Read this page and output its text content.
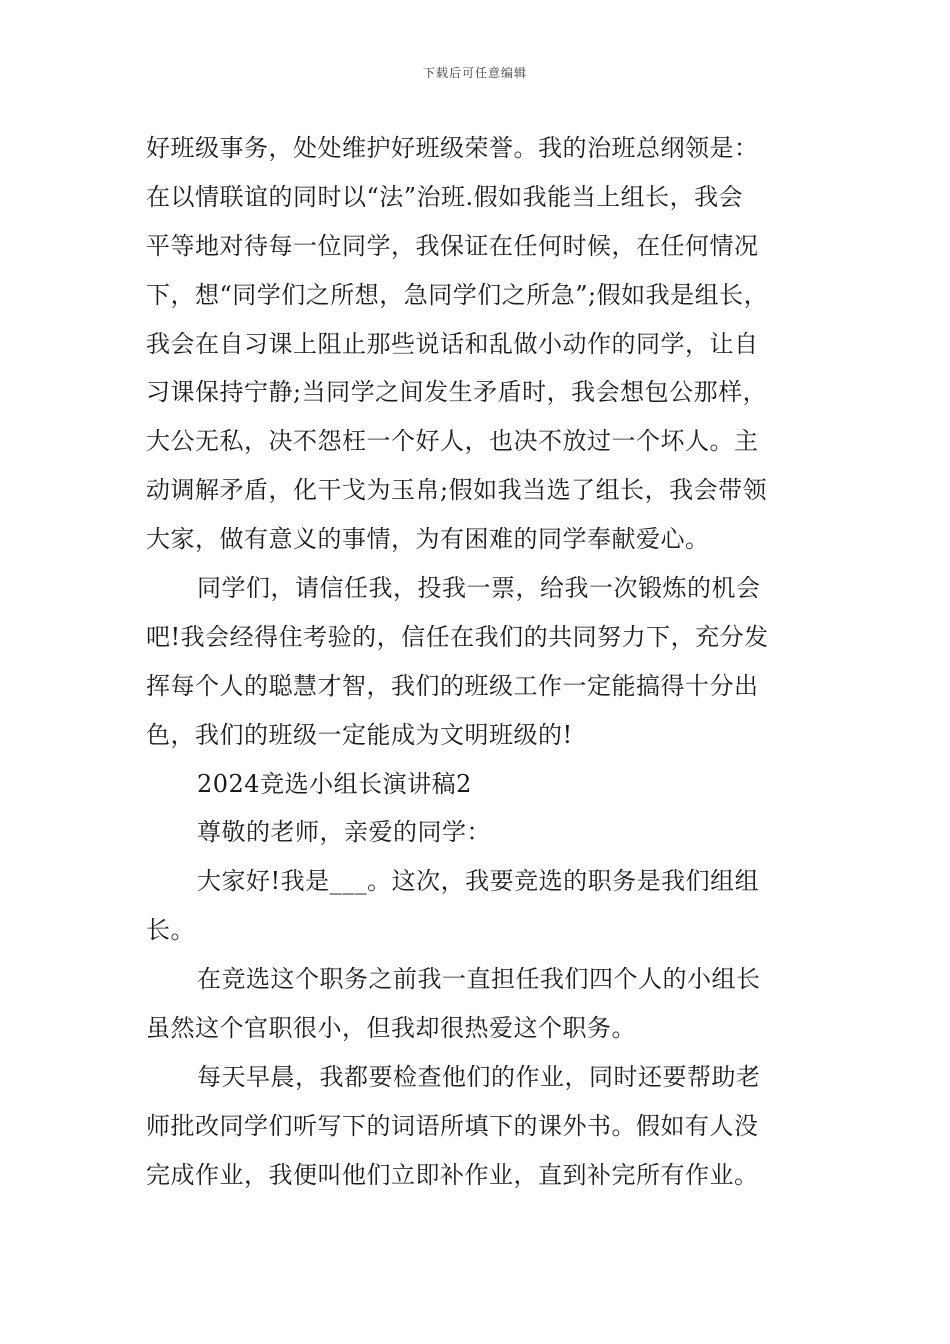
下载后可任意编辑
好班级事务，处处维护好班级荣誉。我的治班总纲领是：
在以情联谊的同时以“法”治班.假如我能当上组长，我会
平等地对待每一位同学，我保证在任何时候，在任何情况
下，想“同学们之所想，急同学们之所急”;假如我是组长，
我会在自习课上阻止那些说话和乱做小动作的同学，让自
习课保持宁静;当同学之间发生矛盾时，我会想包公那样，
大公无私，决不怨枉一个好人，也决不放过一个坏人。主
动调解矛盾，化干戈为玉帛;假如我当选了组长，我会带领
大家，做有意义的事情，为有困难的同学奉献爱心。
同学们，请信任我，投我一票，给我一次锻炼的机会
吧!我会经得住考验的，信任在我们的共同努力下，充分发
挥每个人的聪慧才智，我们的班级工作一定能搞得十分出
色，我们的班级一定能成为文明班级的!
2024竞选小组长演讲稿2
尊敬的老师，亲爱的同学：
大家好!我是___。这次，我要竞选的职务是我们组组
长。
在竞选这个职务之前我一直担任我们四个人的小组长
虽然这个官职很小，但我却很热爱这个职务。
每天早晨，我都要检查他们的作业，同时还要帮助老
师批改同学们听写下的词语所填下的课外书。假如有人没
完成作业，我便叫他们立即补作业，直到补完所有作业。
